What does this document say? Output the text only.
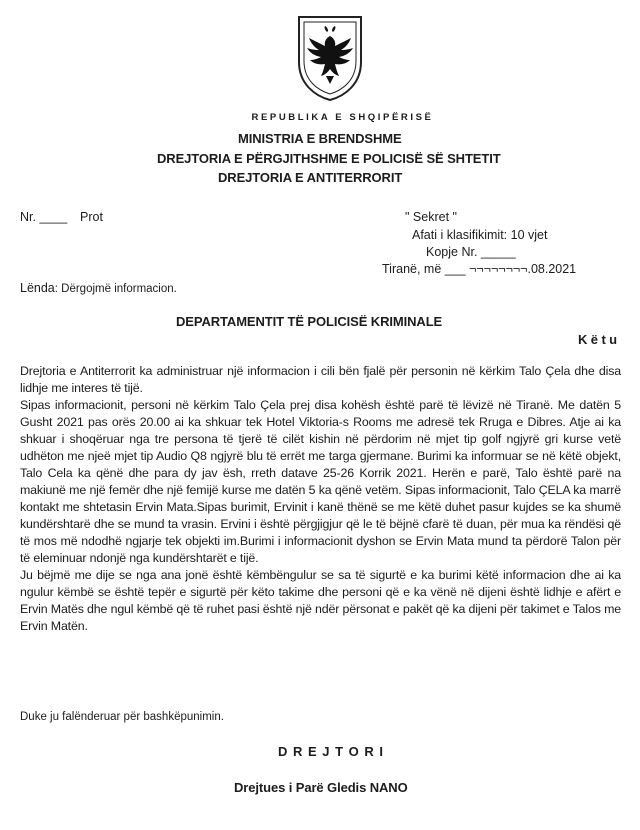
REPUBLIKA E SHQIPËRISË
MINISTRIA E BRENDSHME
DREJTORIA E PËRGJITHSHME E POLICISË SË SHTETIT
DREJTORIA E ANTITERRORIT
Nr. ____ Prot	" Sekret "
Afati i klasifikimit: 10 vjet
Kopje Nr. _____
Tiranë, më ___ ¬¬¬¬¬¬¬¬.08.2021
Lënda: Dërgojmë informacion.
DEPARTAMENTIT TË POLICISË KRIMINALE
K ë t u

Drejtoria e Antiterrorit ka administruar një informacion i cili bën fjalë për personin në kërkim Talo Çela dhe disa lidhje me interes të tijë.

Sipas informacionit, personi në kërkim Talo Çela prej disa kohësh është parë të lëvizë në Tiranë. Me datën 5 Gusht 2021 pas orës 20.00 ai ka shkuar tek Hotel Viktoria-s Rooms me adresë tek Rruga e Dibres. Atje ai ka shkuar i shoqëruar nga tre persona të tjerë të cilët kishin në përdorim në mjet tip golf ngjyrë gri kurse vetë udhëton me njeë mjet tip Audio Q8 ngjyrë blu të errët me targa gjermane. Burimi ka informuar se në këtë objekt, Talo Cela ka qënë dhe para dy jav ësh, rreth datave 25-26 Korrik 2021. Herën e parë, Talo është parë na makiunë me një femër dhe një femijë kurse me datën 5 ka qënë vetëm. Sipas informacionit, Talo ÇELA ka marrë kontakt me shtetasin Ervin Mata.Sipas burimit, Ervinit i kanë thënë se me këtë duhet pasur kujdes se ka shumë kundërshtarë dhe se mund ta vrasin. Ervini i është përgjigjur që le të bëjnë cfarë të duan, për mua ka rëndësi që të mos më ndodhë ngjarje tek objekti im.Burimi i informacionit dyshon se Ervin Mata mund ta përdorë Talon për të eleminuar ndonjë nga kundërshtarët e tijë.

Ju bëjmë me dije se nga ana jonë është këmbëngulur se sa të sigurtë e ka burimi këtë informacion dhe ai ka ngulur këmbë se është tepër e sigurtë për këto takime dhe personi që e ka vënë në dijeni është lidhje e afërt e Ervin Matës dhe ngul këmbë që të ruhet pasi është një ndër përsonat e pakët që ka dijeni për takimet e Talos me Ervin Matën.

Duke ju falënderuar për bashkëpunimin.
D R E J T O R I
Drejtues i Parë Gledis NANO
